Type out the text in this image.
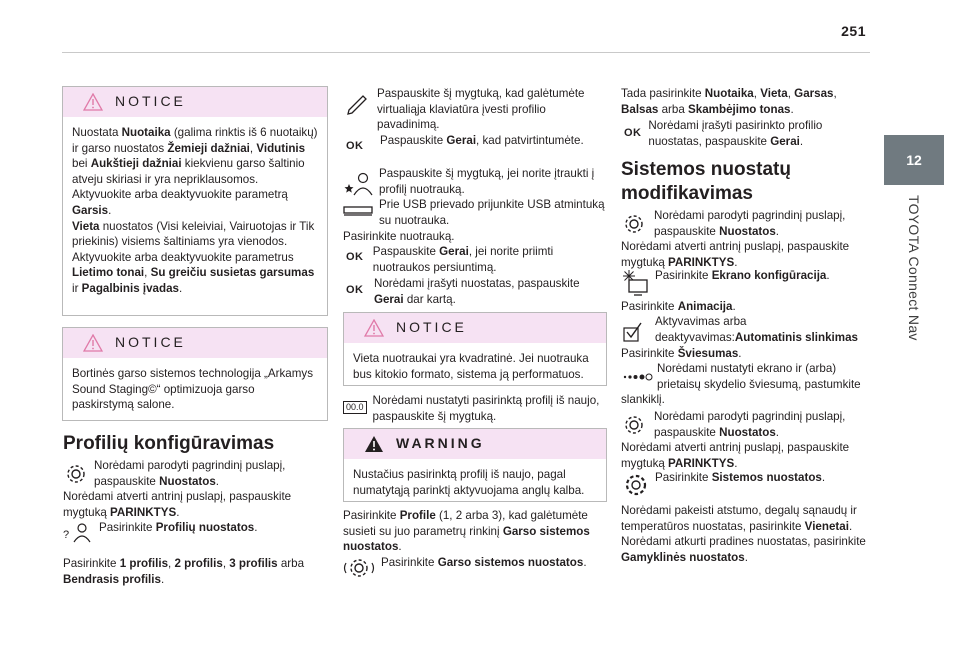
251
12
TOYOTA Connect Nav
NOTICE

Nuostata Nuotaika (galima rinktis iš 6 nuotaikų) ir garso nuostatos Žemieji dažniai, Vidutinis bei Aukštieji dažniai kiekvienu garso šaltinio atveju skiriasi ir yra nepriklausomos.
Aktyvuokite arba deaktyvuokite parametrą Garsis.
Vieta nuostatos (Visi keleiviai, Vairuotojas ir Tik priekinis) visiems šaltiniams yra vienodos.
Aktyvuokite arba deaktyvuokite parametrus Lietimo tonai, Su greičiu susietas garsumas ir Pagalbinis įvadas.

NOTICE

Bortinės garso sistemos technologija „Arkamys Sound Staging©“ optimizuoja garso paskirstymą salone.

Profilių konfigūravimas

Norėdami parodyti pagrindinį puslapį, paspauskite Nuostatos.

Norėdami atverti antrinį puslapį, paspauskite mygtuką PARINKTYS.

?

Pasirinkite Profilių nuostatos.

Pasirinkite 1 profilis, 2 profilis, 3 profilis arba Bendrasis profilis.

Paspauskite šį mygtuką, kad galėtumėte virtualiąja klaviatūra įvesti profilio pavadinimą.

OK	Paspauskite Gerai, kad patvirtintumėte.

Paspauskite šį mygtuką, jei norite įtraukti į profilį nuotrauką.

Prie USB prievado prijunkite USB atmintuką su nuotrauka.

Pasirinkite nuotrauką.

OK Paspauskite Gerai, jei norite priimti nuotraukos persiuntimą.

OK Norėdami įrašyti nuostatas, paspauskite Gerai dar kartą.

NOTICE

Vieta nuotraukai yra kvadratinė. Jei nuotrauka bus kitokio formato, sistema ją performatuos.

00.0 Norėdami nustatyti pasirinktą profilį iš naujo, paspauskite šį mygtuką.

WARNING

Nustačius pasirinktą profilį iš naujo, pagal numatytąją parinktį aktyvuojama anglų kalba.

Pasirinkite Profile (1, 2 arba 3), kad galėtumėte susieti su juo parametrų rinkinį Garso sistemos nuostatos.

Pasirinkite Garso sistemos nuostatos.

Tada pasirinkite Nuotaika, Vieta, Garsas, Balsas arba Skambėjimo tonas.

OK

Norėdami įrašyti pasirinkto profilio nuostatas, paspauskite Gerai.

Sistemos nuostatų modifikavimas

Norėdami parodyti pagrindinį puslapį, paspauskite Nuostatos.

Norėdami atverti antrinį puslapį, paspauskite mygtuką PARINKTYS.

Pasirinkite Ekrano konfigūracija.

Pasirinkite Animacija.

Aktyvavimas arba deaktyvavimas:Automatinis slinkimas

Pasirinkite Šviesumas.

Norėdami nustatyti ekrano ir (arba) prietaisų skydelio šviesumą, pastumkite slankiklį.

Norėdami parodyti pagrindinį puslapį, paspauskite Nuostatos.

Norėdami atverti antrinį puslapį, paspauskite mygtuką PARINKTYS.

Pasirinkite Sistemos nuostatos.

Norėdami pakeisti atstumo, degalų sąnaudų ir temperatūros nuostatas, pasirinkite Vienetai.

Norėdami atkurti pradines nuostatas, pasirinkite Gamyklinės nuostatos.
